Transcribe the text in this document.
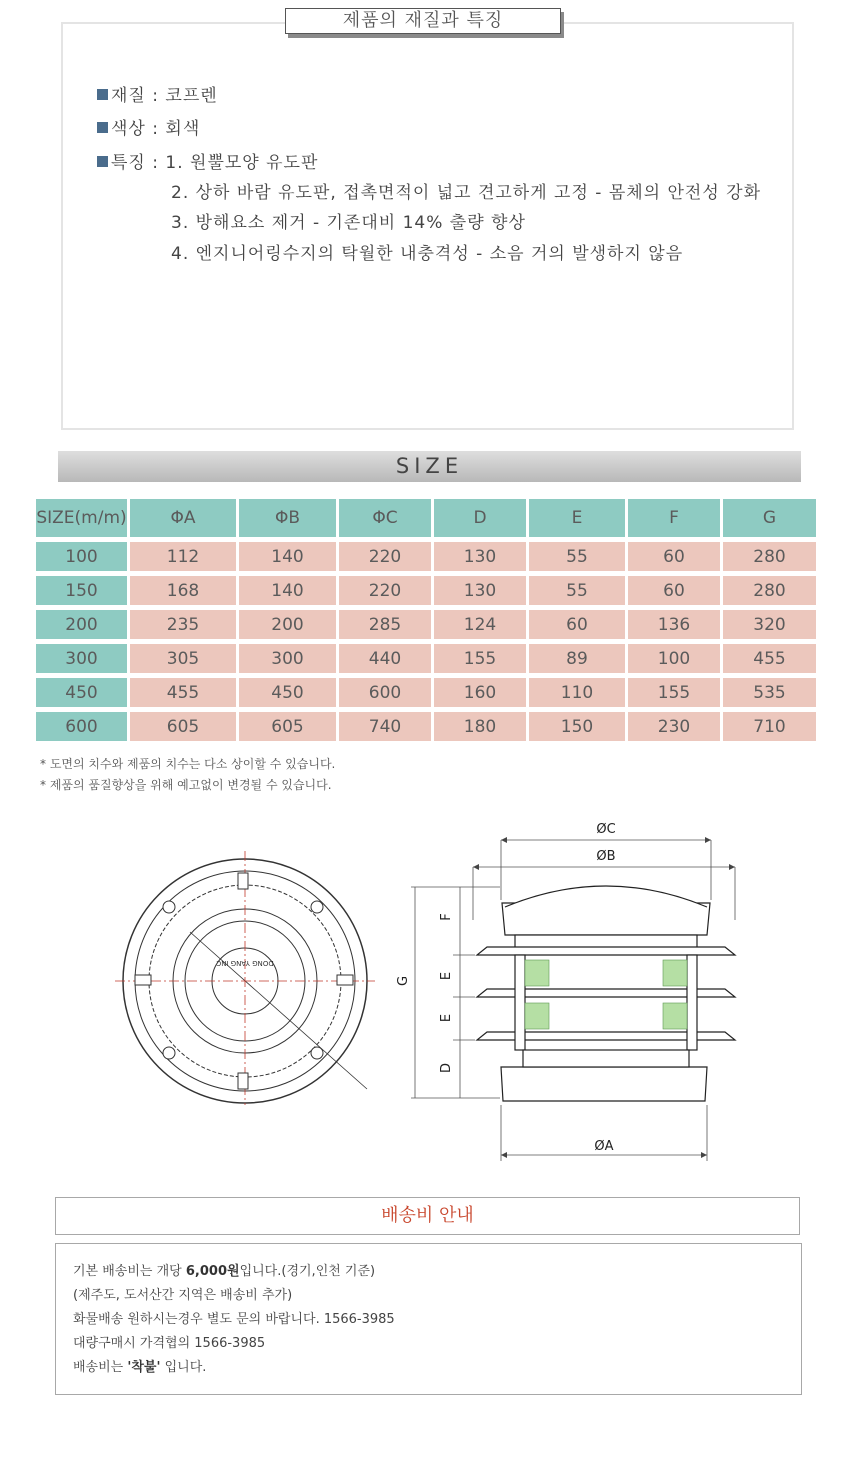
제품의 재질과 특징
재질 : 코프렌
색상 : 회색
특징 : 1. 원뿔모양 유도판
2. 상하 바람 유도판, 접촉면적이 넓고 견고하게 고정 - 몸체의 안전성 강화
3. 방해요소 제거 - 기존대비 14% 출량 향상
4. 엔지니어링수지의 탁월한 내충격성 - 소음 거의 발생하지 않음
SIZE
SIZE(m/m)	ΦA	ΦB	ΦC	D	E	F	G
100	112	140	220	130	55	60	280
150	168	140	220	130	55	60	280
200	235	200	285	124	60	136	320
300	305	300	440	155	89	100	455
450	455	450	600	160	110	155	535
600	605	605	740	180	150	230	710
* 도면의 치수와 제품의 치수는 다소 상이할 수 있습니다.
* 제품의 품질향상을 위해 예고없이 변경될 수 있습니다.
DONG YANG INC
ØC
ØB
ØA
F
E
E
D
G
배송비 안내
기본 배송비는 개당 6,000원입니다.(경기,인천 기준)
(제주도, 도서산간 지역은 배송비 추가)
화물배송 원하시는경우 별도 문의 바랍니다. 1566-3985
대량구매시 가격협의 1566-3985
배송비는 '착불' 입니다.
